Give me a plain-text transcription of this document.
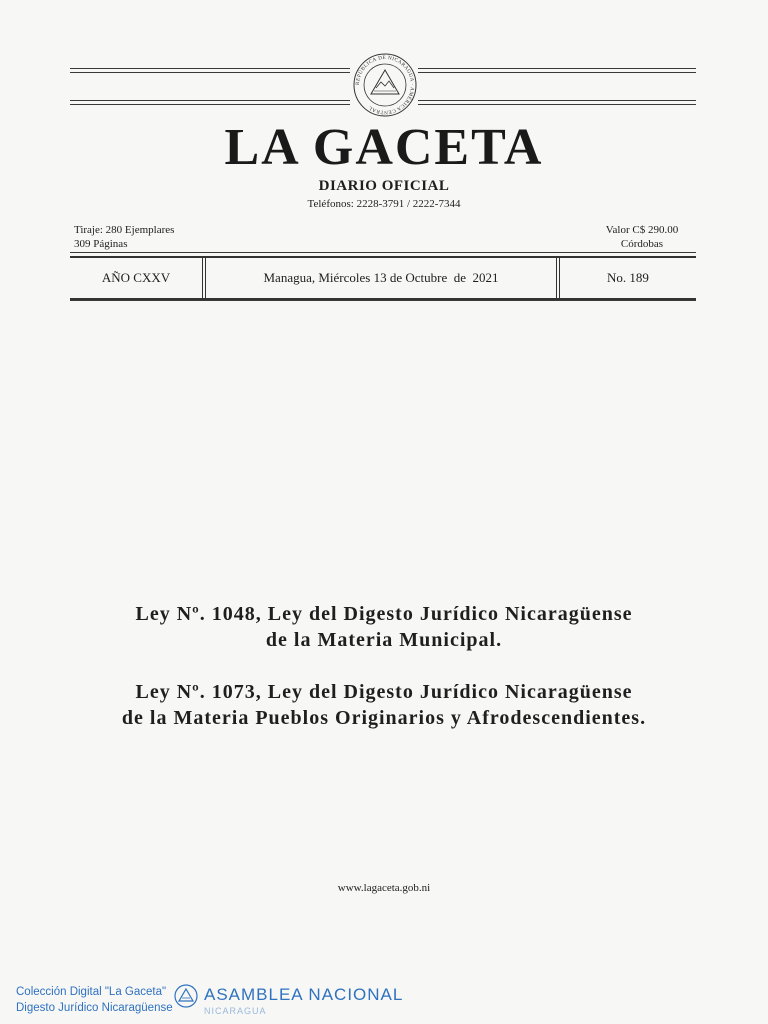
REPÚBLICA DE NICARAGUA · AMÉRICA CENTRAL
LA GACETA
DIARIO OFICIAL
Teléfonos: 2228-3791 / 2222-7344
Tiraje: 280 Ejemplares
309 Páginas
Valor C$ 290.00
Córdobas
AÑO CXXV	Managua, Miércoles 13 de Octubre  de  2021	No. 189
Ley Nº. 1048, Ley del Digesto Jurídico Nicaragüense
de la Materia Municipal.
Ley Nº. 1073, Ley del Digesto Jurídico Nicaragüense
de la Materia Pueblos Originarios y Afrodescendientes.
www.lagaceta.gob.ni
Colección Digital "La Gaceta"
Digesto Jurídico Nicaragüense
ASAMBLEA NACIONAL
NICARAGUA
